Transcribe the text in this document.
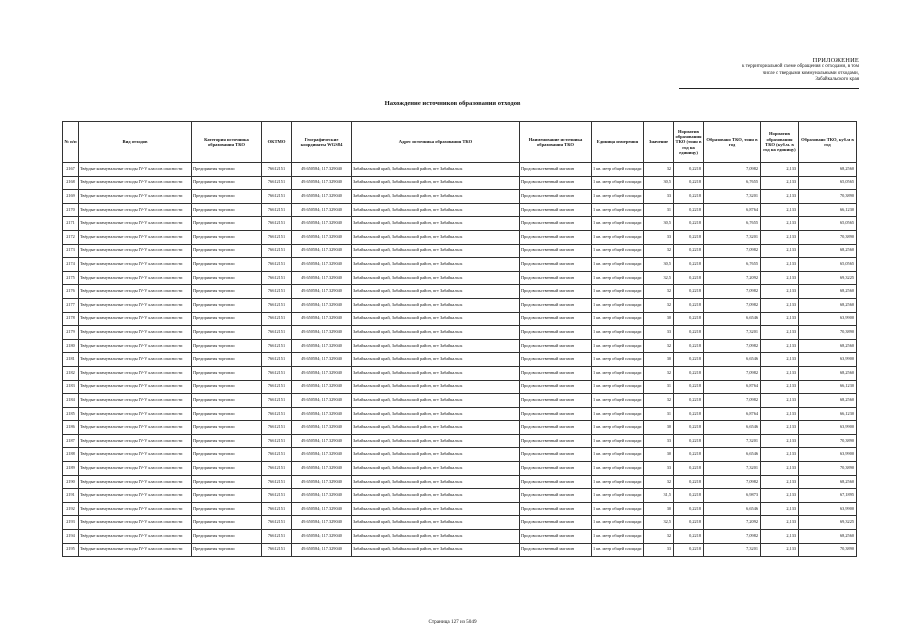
ПРИЛОЖЕНИЕ
к территориальной схеме обращения с отходами, в том
числе с твердыми коммунальными отходами,
Забайкальского края
Нахождение источников образования отходов
№ п/п	Вид отходов	Категория источника образования ТКО	ОКТМО	Географические координаты WGS84	Адрес источника образования ТКО	Наименование источника образования ТКО	Единица измерения	Значение	Норматив образования ТКО (тонн в год на единицу)	Образовано ТКО, тонн в год	Норматив образования ТКО (куб.м. в год на единицу)	Образовано ТКО, куб.м в год
2167	Твёрдые коммунальные отходы IV-V классов опасности	Предприятия торговли	76612151	49.650584; 117.329040	Забайкальский край, Забайкальский район, пгт Забайкальск	Продовольственный магазин	1 кв. метр общей площади	32	0,2218	7,0982	2,133	68,2560
2168	Твёрдые коммунальные отходы IV-V классов опасности	Предприятия торговли	76612151	49.650584; 117.329040	Забайкальский край, Забайкальский район, пгт Забайкальск	Продовольственный магазин	1 кв. метр общей площади	30,5	0,2218	6,7655	2,133	65,0565
2169	Твёрдые коммунальные отходы IV-V классов опасности	Предприятия торговли	76612151	49.650584; 117.329040	Забайкальский край, Забайкальский район, пгт Забайкальск	Продовольственный магазин	1 кв. метр общей площади	33	0,2218	7,3201	2,133	70,3890
2170	Твёрдые коммунальные отходы IV-V классов опасности	Предприятия торговли	76612151	49.650584; 117.329040	Забайкальский край, Забайкальский район, пгт Забайкальск	Продовольственный магазин	1 кв. метр общей площади	31	0,2218	6,8764	2,133	66,1230
2171	Твёрдые коммунальные отходы IV-V классов опасности	Предприятия торговли	76612151	49.650584; 117.329040	Забайкальский край, Забайкальский район, пгт Забайкальск	Продовольственный магазин	1 кв. метр общей площади	30,5	0,2218	6,7655	2,133	65,0565
2172	Твёрдые коммунальные отходы IV-V классов опасности	Предприятия торговли	76612151	49.650584; 117.329040	Забайкальский край, Забайкальский район, пгт Забайкальск	Продовольственный магазин	1 кв. метр общей площади	33	0,2218	7,3201	2,133	70,3890
2173	Твёрдые коммунальные отходы IV-V классов опасности	Предприятия торговли	76612151	49.650584; 117.329040	Забайкальский край, Забайкальский район, пгт Забайкальск	Продовольственный магазин	1 кв. метр общей площади	32	0,2218	7,0982	2,133	68,2560
2174	Твёрдые коммунальные отходы IV-V классов опасности	Предприятия торговли	76612151	49.650584; 117.329040	Забайкальский край, Забайкальский район, пгт Забайкальск	Продовольственный магазин	1 кв. метр общей площади	30,5	0,2218	6,7655	2,133	65,0565
2175	Твёрдые коммунальные отходы IV-V классов опасности	Предприятия торговли	76612151	49.650584; 117.329040	Забайкальский край, Забайкальский район, пгт Забайкальск	Продовольственный магазин	1 кв. метр общей площади	32,5	0,2218	7,2092	2,133	69,3225
2176	Твёрдые коммунальные отходы IV-V классов опасности	Предприятия торговли	76612151	49.650584; 117.329040	Забайкальский край, Забайкальский район, пгт Забайкальск	Продовольственный магазин	1 кв. метр общей площади	32	0,2218	7,0982	2,133	68,2560
2177	Твёрдые коммунальные отходы IV-V классов опасности	Предприятия торговли	76612151	49.650584; 117.329040	Забайкальский край, Забайкальский район, пгт Забайкальск	Продовольственный магазин	1 кв. метр общей площади	32	0,2218	7,0982	2,133	68,2560
2178	Твёрдые коммунальные отходы IV-V классов опасности	Предприятия торговли	76612151	49.650584; 117.329040	Забайкальский край, Забайкальский район, пгт Забайкальск	Продовольственный магазин	1 кв. метр общей площади	30	0,2218	6,6546	2,133	63,9900
2179	Твёрдые коммунальные отходы IV-V классов опасности	Предприятия торговли	76612151	49.650584; 117.329040	Забайкальский край, Забайкальский район, пгт Забайкальск	Продовольственный магазин	1 кв. метр общей площади	33	0,2218	7,3201	2,133	70,3890
2180	Твёрдые коммунальные отходы IV-V классов опасности	Предприятия торговли	76612151	49.650584; 117.329040	Забайкальский край, Забайкальский район, пгт Забайкальск	Продовольственный магазин	1 кв. метр общей площади	32	0,2218	7,0982	2,133	68,2560
2181	Твёрдые коммунальные отходы IV-V классов опасности	Предприятия торговли	76612151	49.650584; 117.329040	Забайкальский край, Забайкальский район, пгт Забайкальск	Продовольственный магазин	1 кв. метр общей площади	30	0,2218	6,6546	2,133	63,9900
2182	Твёрдые коммунальные отходы IV-V классов опасности	Предприятия торговли	76612151	49.650584; 117.329040	Забайкальский край, Забайкальский район, пгт Забайкальск	Продовольственный магазин	1 кв. метр общей площади	32	0,2218	7,0982	2,133	68,2560
2183	Твёрдые коммунальные отходы IV-V классов опасности	Предприятия торговли	76612151	49.650584; 117.329040	Забайкальский край, Забайкальский район, пгт Забайкальск	Продовольственный магазин	1 кв. метр общей площади	31	0,2218	6,8764	2,133	66,1230
2184	Твёрдые коммунальные отходы IV-V классов опасности	Предприятия торговли	76612151	49.650584; 117.329040	Забайкальский край, Забайкальский район, пгт Забайкальск	Продовольственный магазин	1 кв. метр общей площади	32	0,2218	7,0982	2,133	68,2560
2185	Твёрдые коммунальные отходы IV-V классов опасности	Предприятия торговли	76612151	49.650584; 117.329040	Забайкальский край, Забайкальский район, пгт Забайкальск	Продовольственный магазин	1 кв. метр общей площади	31	0,2218	6,8764	2,133	66,1230
2186	Твёрдые коммунальные отходы IV-V классов опасности	Предприятия торговли	76612151	49.650584; 117.329040	Забайкальский край, Забайкальский район, пгт Забайкальск	Продовольственный магазин	1 кв. метр общей площади	30	0,2218	6,6546	2,133	63,9900
2187	Твёрдые коммунальные отходы IV-V классов опасности	Предприятия торговли	76612151	49.650584; 117.329040	Забайкальский край, Забайкальский район, пгт Забайкальск	Продовольственный магазин	1 кв. метр общей площади	33	0,2218	7,3201	2,133	70,3890
2188	Твёрдые коммунальные отходы IV-V классов опасности	Предприятия торговли	76612151	49.650584; 117.329040	Забайкальский край, Забайкальский район, пгт Забайкальск	Продовольственный магазин	1 кв. метр общей площади	30	0,2218	6,6546	2,133	63,9900
2189	Твёрдые коммунальные отходы IV-V классов опасности	Предприятия торговли	76612151	49.650584; 117.329040	Забайкальский край, Забайкальский район, пгт Забайкальск	Продовольственный магазин	1 кв. метр общей площади	33	0,2218	7,3201	2,133	70,3890
2190	Твёрдые коммунальные отходы IV-V классов опасности	Предприятия торговли	76612151	49.650584; 117.329040	Забайкальский край, Забайкальский район, пгт Забайкальск	Продовольственный магазин	1 кв. метр общей площади	32	0,2218	7,0982	2,133	68,2560
2191	Твёрдые коммунальные отходы IV-V классов опасности	Предприятия торговли	76612151	49.650584; 117.329040	Забайкальский край, Забайкальский район, пгт Забайкальск	Продовольственный магазин	1 кв. метр общей площади	31,5	0,2218	6,9873	2,133	67,1895
2192	Твёрдые коммунальные отходы IV-V классов опасности	Предприятия торговли	76612151	49.650584; 117.329040	Забайкальский край, Забайкальский район, пгт Забайкальск	Продовольственный магазин	1 кв. метр общей площади	30	0,2218	6,6546	2,133	63,9900
2193	Твёрдые коммунальные отходы IV-V классов опасности	Предприятия торговли	76612151	49.650584; 117.329040	Забайкальский край, Забайкальский район, пгт Забайкальск	Продовольственный магазин	1 кв. метр общей площади	32,5	0,2218	7,2092	2,133	69,3225
2194	Твёрдые коммунальные отходы IV-V классов опасности	Предприятия торговли	76612151	49.650584; 117.329040	Забайкальский край, Забайкальский район, пгт Забайкальск	Продовольственный магазин	1 кв. метр общей площади	32	0,2218	7,0982	2,133	68,2560
2195	Твёрдые коммунальные отходы IV-V классов опасности	Предприятия торговли	76612151	49.650584; 117.329040	Забайкальский край, Забайкальский район, пгт Забайкальск	Продовольственный магазин	1 кв. метр общей площади	33	0,2218	7,3201	2,133	70,3890
Страница 127 из 5049
